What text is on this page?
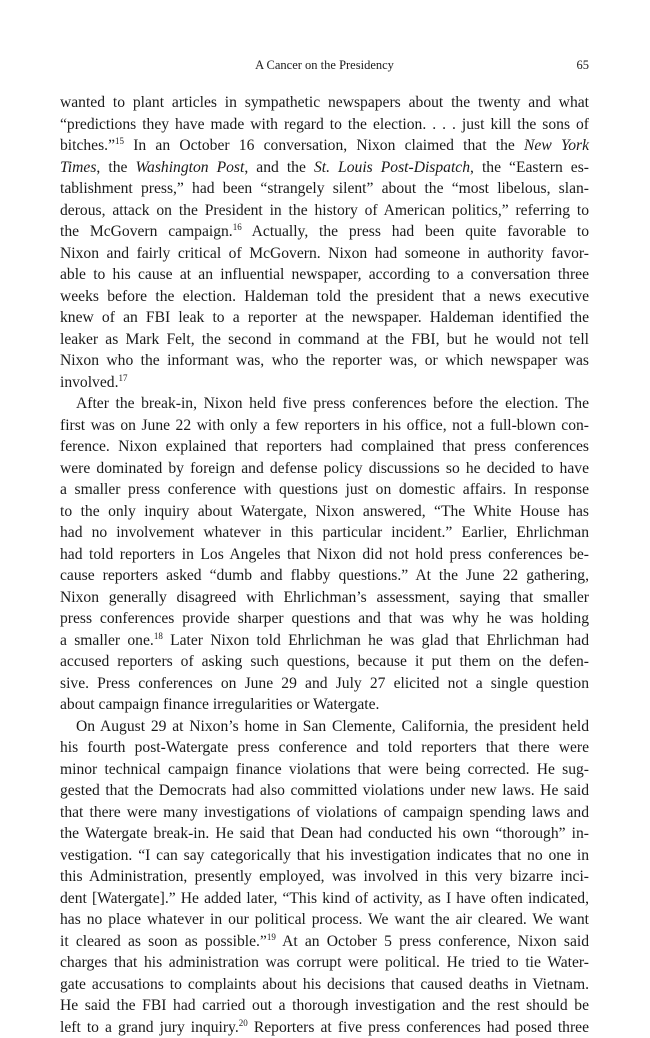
A Cancer on the Presidency	65
wanted to plant articles in sympathetic newspapers about the twenty and what
“predictions they have made with regard to the election. . . . just kill the sons of
bitches.”$^{15}$ In an October 16 conversation, Nixon claimed that the New York
Times, the Washington Post, and the St. Louis Post-Dispatch, the “Eastern es-
tablishment press,” had been “strangely silent” about the “most libelous, slan-
derous, attack on the President in the history of American politics,” referring to
the McGovern campaign.$^{16}$ Actually, the press had been quite favorable to
Nixon and fairly critical of McGovern. Nixon had someone in authority favor-
able to his cause at an influential newspaper, according to a conversation three
weeks before the election. Haldeman told the president that a news executive
knew of an FBI leak to a reporter at the newspaper. Haldeman identified the
leaker as Mark Felt, the second in command at the FBI, but he would not tell
Nixon who the informant was, who the reporter was, or which newspaper was
involved.$^{17}$
After the break-in, Nixon held five press conferences before the election. The
first was on June 22 with only a few reporters in his office, not a full-blown con-
ference. Nixon explained that reporters had complained that press conferences
were dominated by foreign and defense policy discussions so he decided to have
a smaller press conference with questions just on domestic affairs. In response
to the only inquiry about Watergate, Nixon answered, “The White House has
had no involvement whatever in this particular incident.” Earlier, Ehrlichman
had told reporters in Los Angeles that Nixon did not hold press conferences be-
cause reporters asked “dumb and flabby questions.” At the June 22 gathering,
Nixon generally disagreed with Ehrlichman’s assessment, saying that smaller
press conferences provide sharper questions and that was why he was holding
a smaller one.$^{18}$ Later Nixon told Ehrlichman he was glad that Ehrlichman had
accused reporters of asking such questions, because it put them on the defen-
sive. Press conferences on June 29 and July 27 elicited not a single question
about campaign finance irregularities or Watergate.
On August 29 at Nixon’s home in San Clemente, California, the president held
his fourth post-Watergate press conference and told reporters that there were
minor technical campaign finance violations that were being corrected. He sug-
gested that the Democrats had also committed violations under new laws. He said
that there were many investigations of violations of campaign spending laws and
the Watergate break-in. He said that Dean had conducted his own “thorough” in-
vestigation. “I can say categorically that his investigation indicates that no one in
this Administration, presently employed, was involved in this very bizarre inci-
dent [Watergate].” He added later, “This kind of activity, as I have often indicated,
has no place whatever in our political process. We want the air cleared. We want
it cleared as soon as possible.”$^{19}$ At an October 5 press conference, Nixon said
charges that his administration was corrupt were political. He tried to tie Water-
gate accusations to complaints about his decisions that caused deaths in Vietnam.
He said the FBI had carried out a thorough investigation and the rest should be
left to a grand jury inquiry.$^{20}$ Reporters at five press conferences had posed three
